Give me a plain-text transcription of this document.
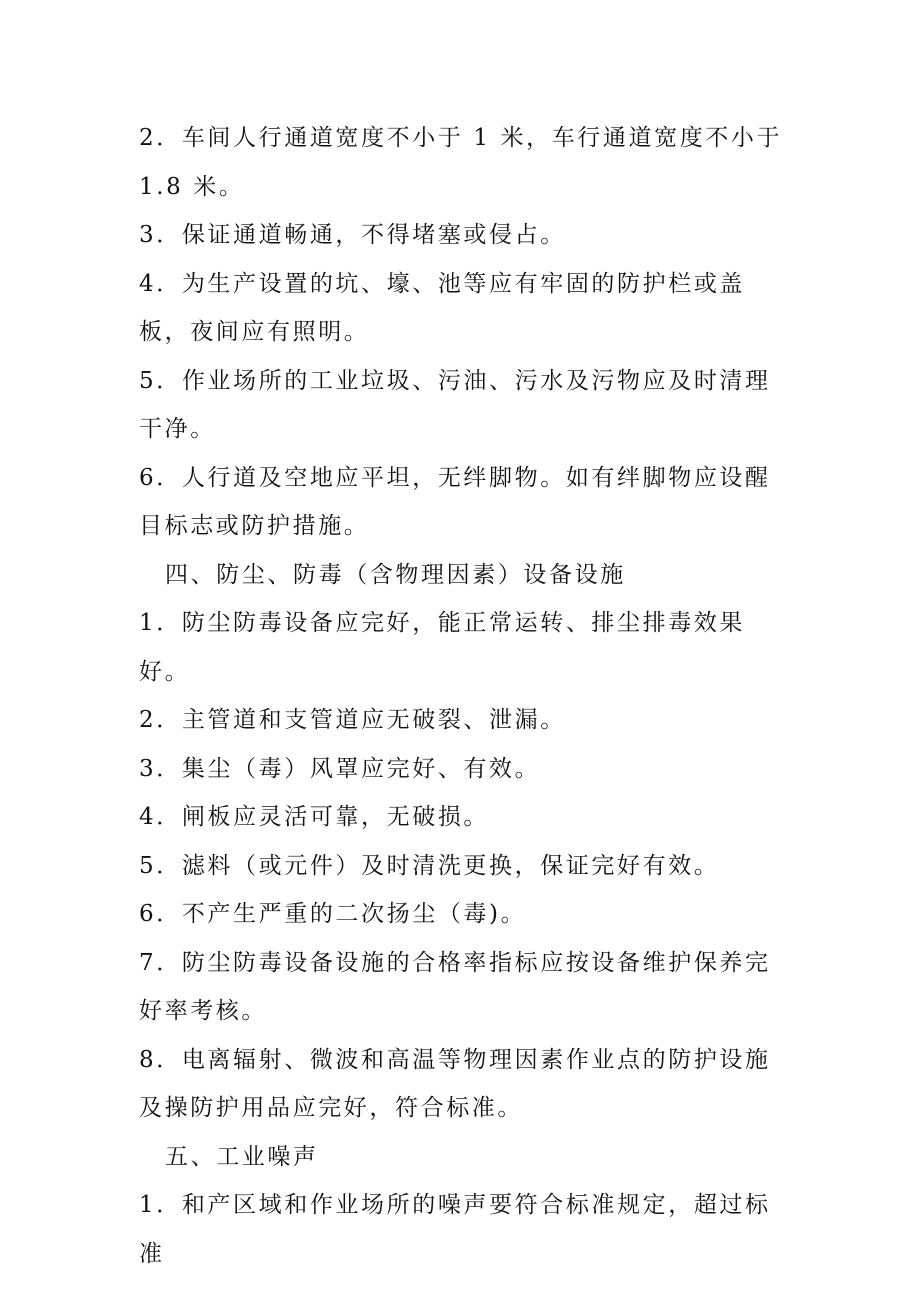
2．车间人行通道宽度不小于 1 米，车行通道宽度不小于 1.8 米。

3．保证通道畅通，不得堵塞或侵占。

4．为生产设置的坑、壕、池等应有牢固的防护栏或盖板，夜间应有照明。

5．作业场所的工业垃圾、污油、污水及污物应及时清理干净。

6．人行道及空地应平坦，无绊脚物。如有绊脚物应设醒目标志或防护措施。

四、防尘、防毒（含物理因素）设备设施

1．防尘防毒设备应完好，能正常运转、排尘排毒效果好。

2．主管道和支管道应无破裂、泄漏。

3．集尘（毒）风罩应完好、有效。

4．闸板应灵活可靠，无破损。

5．滤料（或元件）及时清洗更换，保证完好有效。

6．不产生严重的二次扬尘（毒)。

7．防尘防毒设备设施的合格率指标应按设备维护保养完好率考核。

8．电离辐射、微波和高温等物理因素作业点的防护设施及操防护用品应完好，符合标准。

五、工业噪声

1．和产区域和作业场所的噪声要符合标准规定，超过标准
